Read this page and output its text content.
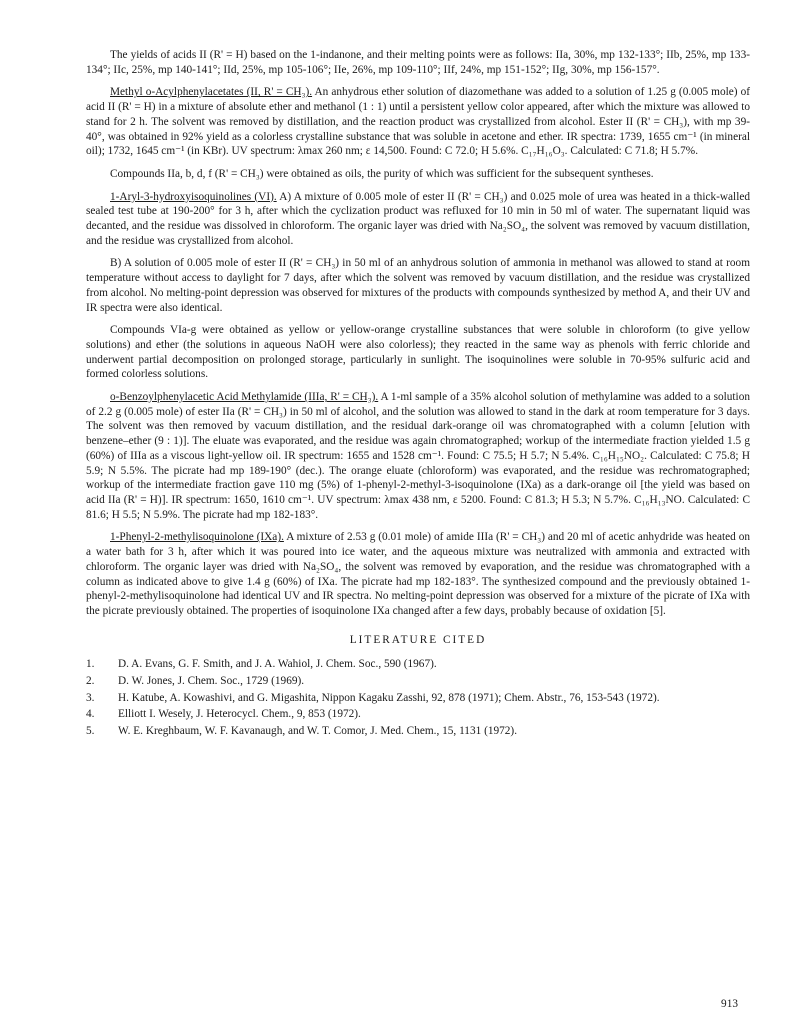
The yields of acids II (R' = H) based on the 1-indanone, and their melting points were as follows: IIa, 30%, mp 132-133°; IIb, 25%, mp 133-134°; IIc, 25%, mp 140-141°; IId, 25%, mp 105-106°; IIe, 26%, mp 109-110°; IIf, 24%, mp 151-152°; IIg, 30%, mp 156-157°.

Methyl o-Acylphenylacetates (II, R' = CH₃). An anhydrous ether solution of diazomethane was added to a solution of 1.25 g (0.005 mole) of acid II (R' = H) in a mixture of absolute ether and methanol (1 : 1) until a persistent yellow color appeared, after which the mixture was allowed to stand for 2 h. The solvent was removed by distillation, and the reaction product was crystallized from alcohol. Ester II (R' = CH₃), with mp 39-40°, was obtained in 92% yield as a colorless crystalline substance that was soluble in acetone and ether. IR spectra: 1739, 1655 cm⁻¹ (in mineral oil); 1732, 1645 cm⁻¹ (in KBr). UV spectrum: λmax 260 nm; ε 14,500. Found: C 72.0; H 5.6%. C₁₇H₁₆O₃. Calculated: C 71.8; H 5.7%.

Compounds IIa, b, d, f (R' = CH₃) were obtained as oils, the purity of which was sufficient for the subsequent syntheses.

1-Aryl-3-hydroxyisoquinolines (VI). A) A mixture of 0.005 mole of ester II (R' = CH₃) and 0.025 mole of urea was heated in a thick-walled sealed test tube at 190-200° for 3 h, after which the cyclization product was refluxed for 10 min in 50 ml of water. The supernatant liquid was decanted, and the residue was dissolved in chloroform. The organic layer was dried with Na₂SO₄, the solvent was removed by vacuum distillation, and the residue was crystallized from alcohol.

B) A solution of 0.005 mole of ester II (R' = CH₃) in 50 ml of an anhydrous solution of ammonia in methanol was allowed to stand at room temperature without access to daylight for 7 days, after which the solvent was removed by vacuum distillation, and the residue was crystallized from alcohol. No melting-point depression was observed for mixtures of the products with compounds synthesized by method A, and their UV and IR spectra were also identical.

Compounds VIa-g were obtained as yellow or yellow-orange crystalline substances that were soluble in chloroform (to give yellow solutions) and ether (the solutions in aqueous NaOH were also colorless); they reacted in the same way as phenols with ferric chloride and underwent partial decomposition on prolonged storage, particularly in sunlight. The isoquinolines were soluble in 70-95% sulfuric acid and formed colorless solutions.

o-Benzoylphenylacetic Acid Methylamide (IIIa, R' = CH₃). A 1-ml sample of a 35% alcohol solution of methylamine was added to a solution of 2.2 g (0.005 mole) of ester IIa (R' = CH₃) in 50 ml of alcohol, and the solution was allowed to stand in the dark at room temperature for 3 days. The solvent was then removed by vacuum distillation, and the residual dark-orange oil was chromatographed with a column [elution with benzene–ether (9 : 1)]. The eluate was evaporated, and the residue was again chromatographed; workup of the intermediate fraction yielded 1.5 g (60%) of IIIa as a viscous light-yellow oil. IR spectrum: 1655 and 1528 cm⁻¹. Found: C 75.5; H 5.7; N 5.4%. C₁₆H₁₅NO₂. Calculated: C 75.8; H 5.9; N 5.5%. The picrate had mp 189-190° (dec.). The orange eluate (chloroform) was evaporated, and the residue was rechromatographed; workup of the intermediate fraction gave 110 mg (5%) of 1-phenyl-2-methyl-3-isoquinolone (IXa) as a dark-orange oil [the yield was based on acid IIa (R' = H)]. IR spectrum: 1650, 1610 cm⁻¹. UV spectrum: λmax 438 nm, ε 5200. Found: C 81.3; H 5.3; N 5.7%. C₁₆H₁₃NO. Calculated: C 81.6; H 5.5; N 5.9%. The picrate had mp 182-183°.

1-Phenyl-2-methylisoquinolone (IXa). A mixture of 2.53 g (0.01 mole) of amide IIIa (R' = CH₃) and 20 ml of acetic anhydride was heated on a water bath for 3 h, after which it was poured into ice water, and the aqueous mixture was neutralized with ammonia and extracted with chloroform. The organic layer was dried with Na₂SO₄, the solvent was removed by evaporation, and the residue was chromatographed with a column as indicated above to give 1.4 g (60%) of IXa. The picrate had mp 182-183°. The synthesized compound and the previously obtained 1-phenyl-2-methylisoquinolone had identical UV and IR spectra. No melting-point depression was observed for a mixture of the picrate of IXa with the picrate previously obtained. The properties of isoquinolone IXa changed after a few days, probably because of oxidation [5].

LITERATURE CITED
1. D. A. Evans, G. F. Smith, and J. A. Wahiol, J. Chem. Soc., 590 (1967).
2. D. W. Jones, J. Chem. Soc., 1729 (1969).
3. H. Katube, A. Kowashivi, and G. Migashita, Nippon Kagaku Zasshi, 92, 878 (1971); Chem. Abstr., 76, 153-543 (1972).
4. Elliott I. Wesely, J. Heterocycl. Chem., 9, 853 (1972).
5. W. E. Kreghbaum, W. F. Kavanaugh, and W. T. Comor, J. Med. Chem., 15, 1131 (1972).
913
